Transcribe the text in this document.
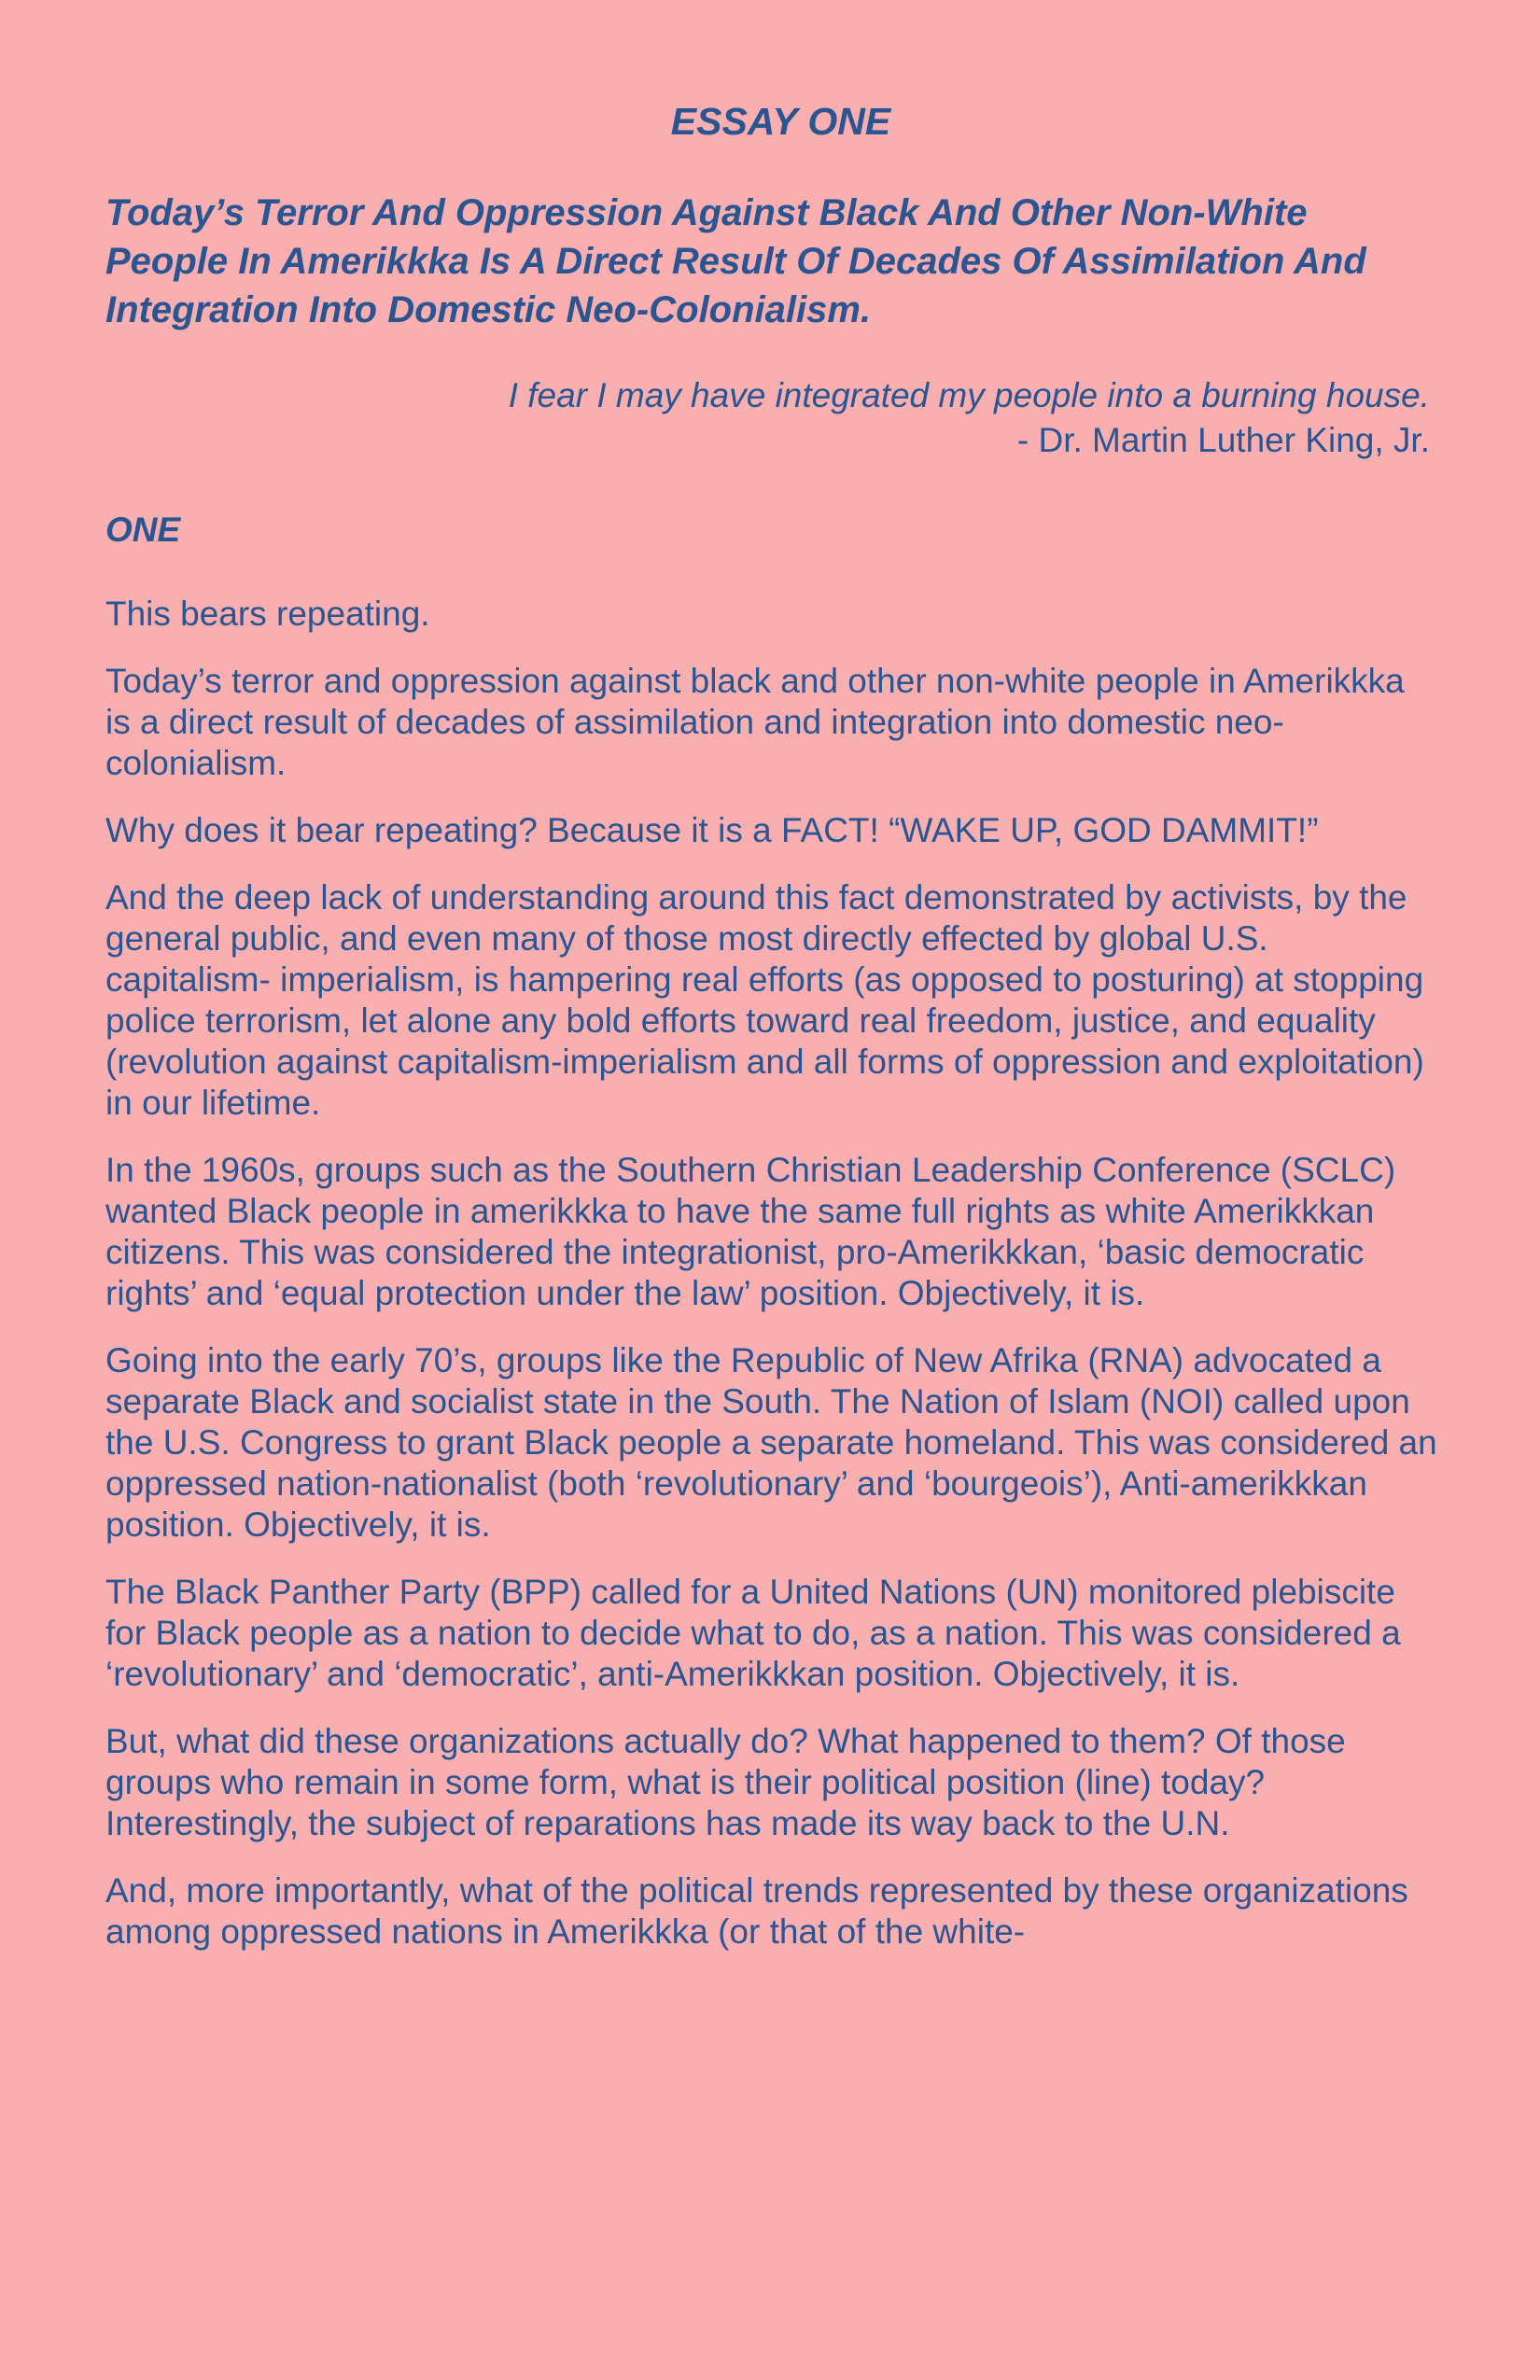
ESSAY ONE
Today’s Terror And Oppression Against Black And Other Non-White People In Amerikkka Is A Direct Result Of Decades Of Assimilation And Integration Into Domestic Neo-Colonialism.
I fear I may have integrated my people into a burning house.
- Dr. Martin Luther King, Jr.
ONE

This bears repeating.

Today’s terror and oppression against black and other non-white people in Amerikkka is a direct result of decades of assimilation and integration into domestic neo-colonialism.

Why does it bear repeating? Because it is a FACT! “WAKE UP, GOD DAMMIT!”

And the deep lack of understanding around this fact demonstrated by activists, by the general public, and even many of those most directly effected by global U.S. capitalism- imperialism, is hampering real efforts (as opposed to posturing) at stopping police terrorism, let alone any bold efforts toward real freedom, justice, and equality (revolution against capitalism-imperialism and all forms of oppression and exploitation) in our lifetime.

In the 1960s, groups such as the Southern Christian Leadership Conference (SCLC) wanted Black people in amerikkka to have the same full rights as white Amerikkkan citizens. This was considered the integrationist, pro-Amerikkkan, ‘basic democratic rights’ and ‘equal protection under the law’ position. Objectively, it is.

Going into the early 70’s, groups like the Republic of New Afrika (RNA) advocated a separate Black and socialist state in the South. The Nation of Islam (NOI) called upon the U.S. Congress to grant Black people a separate homeland. This was considered an oppressed nation-nationalist (both ‘revolutionary’ and ‘bourgeois’), Anti-amerikkkan position. Objectively, it is.

The Black Panther Party (BPP) called for a United Nations (UN) monitored plebiscite for Black people as a nation to decide what to do, as a nation. This was considered a ‘revolutionary’ and ‘democratic’, anti-Amerikkkan position. Objectively, it is.

But, what did these organizations actually do? What happened to them? Of those groups who remain in some form, what is their political position (line) today? Interestingly, the subject of reparations has made its way back to the U.N.

And, more importantly, what of the political trends represented by these organizations among oppressed nations in Amerikkka (or that of the white-
